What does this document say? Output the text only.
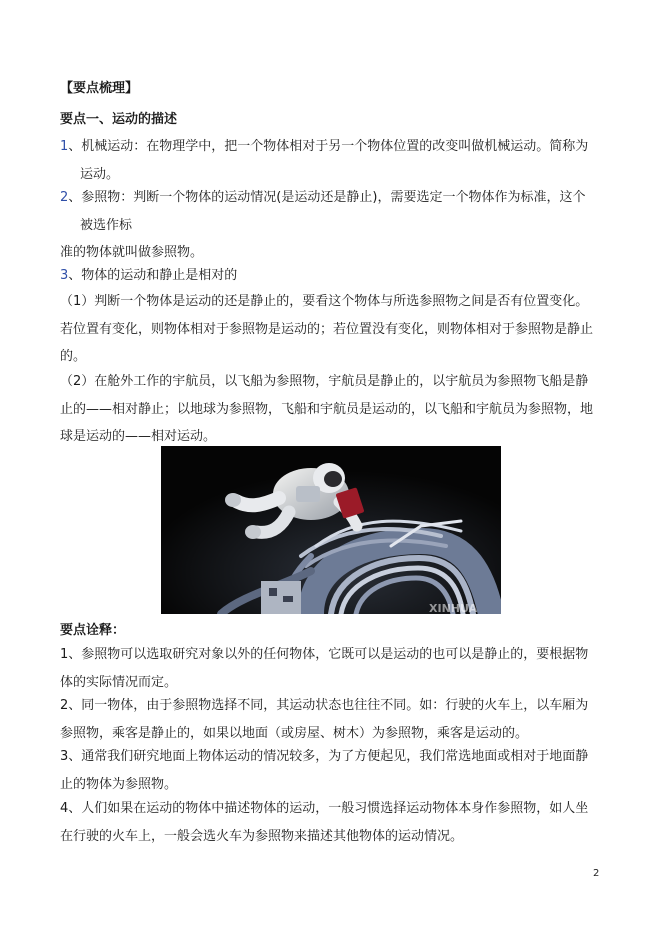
【要点梳理】
要点一、运动的描述
1、机械运动：在物理学中，把一个物体相对于另一个物体位置的改变叫做机械运动。简称为
运动。
2、参照物：判断一个物体的运动情况(是运动还是静止)，需要选定一个物体作为标准，这个
被选作标
准的物体就叫做参照物。
3、物体的运动和静止是相对的

（1）判断一个物体是运动的还是静止的，要看这个物体与所选参照物之间是否有位置变化。

若位置有变化，则物体相对于参照物是运动的；若位置没有变化，则物体相对于参照物是静止

的。

（2）在舱外工作的宇航员，以飞船为参照物，宇航员是静止的，以宇航员为参照物飞船是静

止的——相对静止；以地球为参照物，飞船和宇航员是运动的，以飞船和宇航员为参照物，地

球是运动的——相对运动。

XINHUA
要点诠释：

1、参照物可以选取研究对象以外的任何物体，它既可以是运动的也可以是静止的，要根据物

体的实际情况而定。

2、同一物体，由于参照物选择不同，其运动状态也往往不同。如：行驶的火车上，以车厢为

参照物，乘客是静止的，如果以地面（或房屋、树木）为参照物，乘客是运动的。

3、通常我们研究地面上物体运动的情况较多，为了方便起见，我们常选地面或相对于地面静

止的物体为参照物。

4、人们如果在运动的物体中描述物体的运动，一般习惯选择运动物体本身作参照物，如人坐

在行驶的火车上，一般会选火车为参照物来描述其他物体的运动情况。

2
